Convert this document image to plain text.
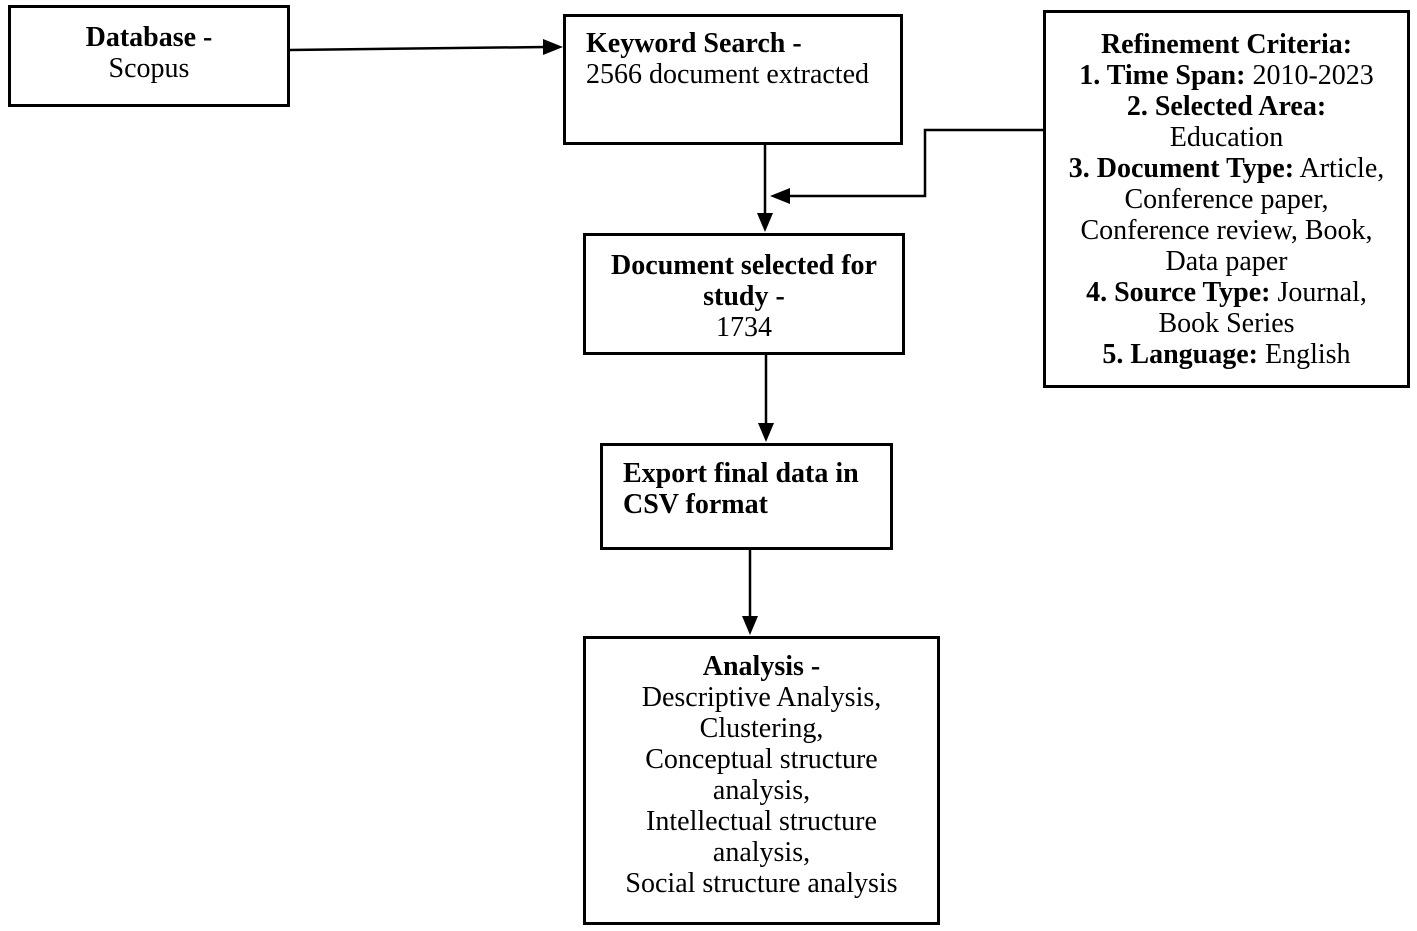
Database -
Scopus
Keyword Search -
2566 document extracted
Refinement Criteria:
1. Time Span: 2010-2023
2. Selected Area:
Education
3. Document Type: Article,
Conference paper,
Conference review, Book,
Data paper
4. Source Type: Journal,
Book Series
5. Language: English
Document selected for
study -
1734
Export final data in
CSV format
Analysis -
Descriptive Analysis,
Clustering,
Conceptual structure
analysis,
Intellectual structure
analysis,
Social structure analysis
